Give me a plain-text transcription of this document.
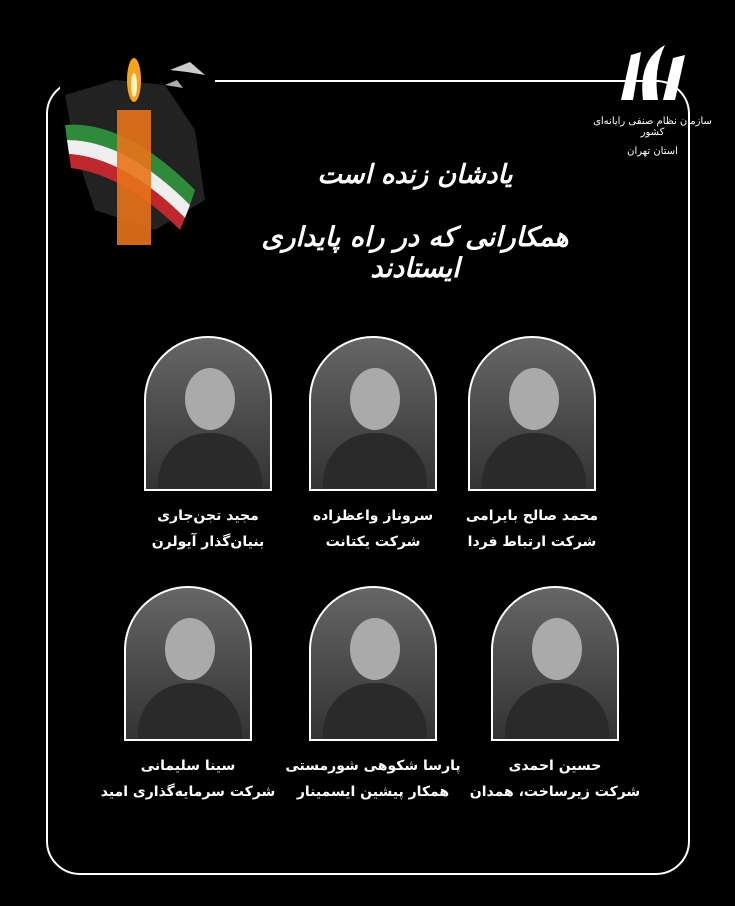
سازمان نظام صنفی رایانه‌ای کشور
استان تهران
یادشان زنده است
همکارانی که در راه پایداری ایستادند
محمد صالح بایرامی
شرکت ارتباط فردا
سروناز واعظزاده
شرکت یکتانت
مجید تجن‌جاری
بنیان‌گذار آیولرن
حسین احمدی
شرکت زیرساخت، همدان
پارسا شکوهی شورمستی
همکار پیشین ایسمینار
سینا سلیمانی
شرکت سرمایه‌گذاری امید
